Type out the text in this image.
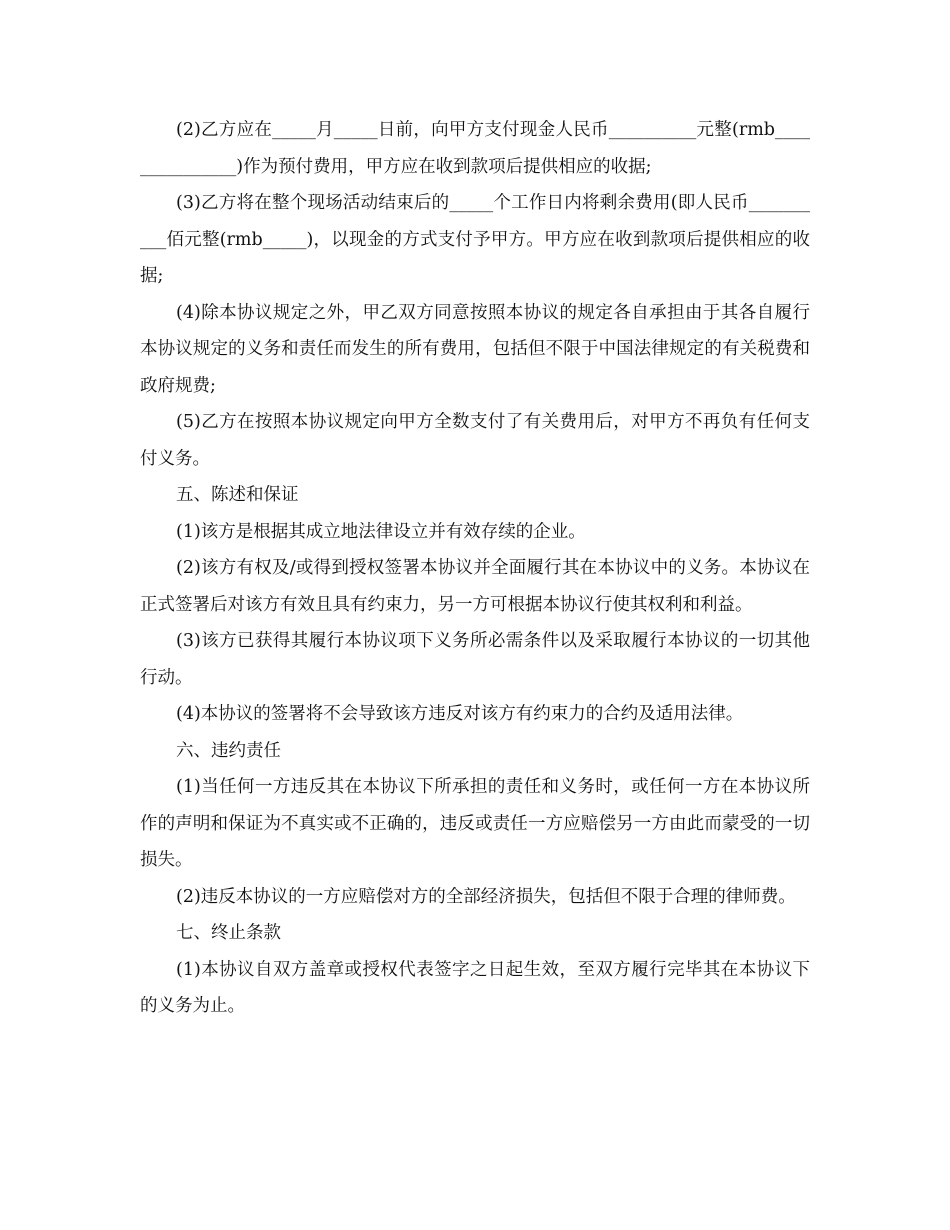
(2)乙方应在_____月_____日前，向甲方支付现金人民币__________元整(rmb_______________)作为预付费用，甲方应在收到款项后提供相应的收据;

(3)乙方将在整个现场活动结束后的_____个工作日内将剩余费用(即人民币__________佰元整(rmb_____)，以现金的方式支付予甲方。甲方应在收到款项后提供相应的收据;

(4)除本协议规定之外，甲乙双方同意按照本协议的规定各自承担由于其各自履行本协议规定的义务和责任而发生的所有费用，包括但不限于中国法律规定的有关税费和政府规费;

(5)乙方在按照本协议规定向甲方全数支付了有关费用后，对甲方不再负有任何支付义务。

五、陈述和保证

(1)该方是根据其成立地法律设立并有效存续的企业。

(2)该方有权及/或得到授权签署本协议并全面履行其在本协议中的义务。本协议在正式签署后对该方有效且具有约束力，另一方可根据本协议行使其权利和利益。

(3)该方已获得其履行本协议项下义务所必需条件以及采取履行本协议的一切其他行动。

(4)本协议的签署将不会导致该方违反对该方有约束力的合约及适用法律。

六、违约责任

(1)当任何一方违反其在本协议下所承担的责任和义务时，或任何一方在本协议所作的声明和保证为不真实或不正确的，违反或责任一方应赔偿另一方由此而蒙受的一切损失。

(2)违反本协议的一方应赔偿对方的全部经济损失，包括但不限于合理的律师费。

七、终止条款

(1)本协议自双方盖章或授权代表签字之日起生效，至双方履行完毕其在本协议下的义务为止。
